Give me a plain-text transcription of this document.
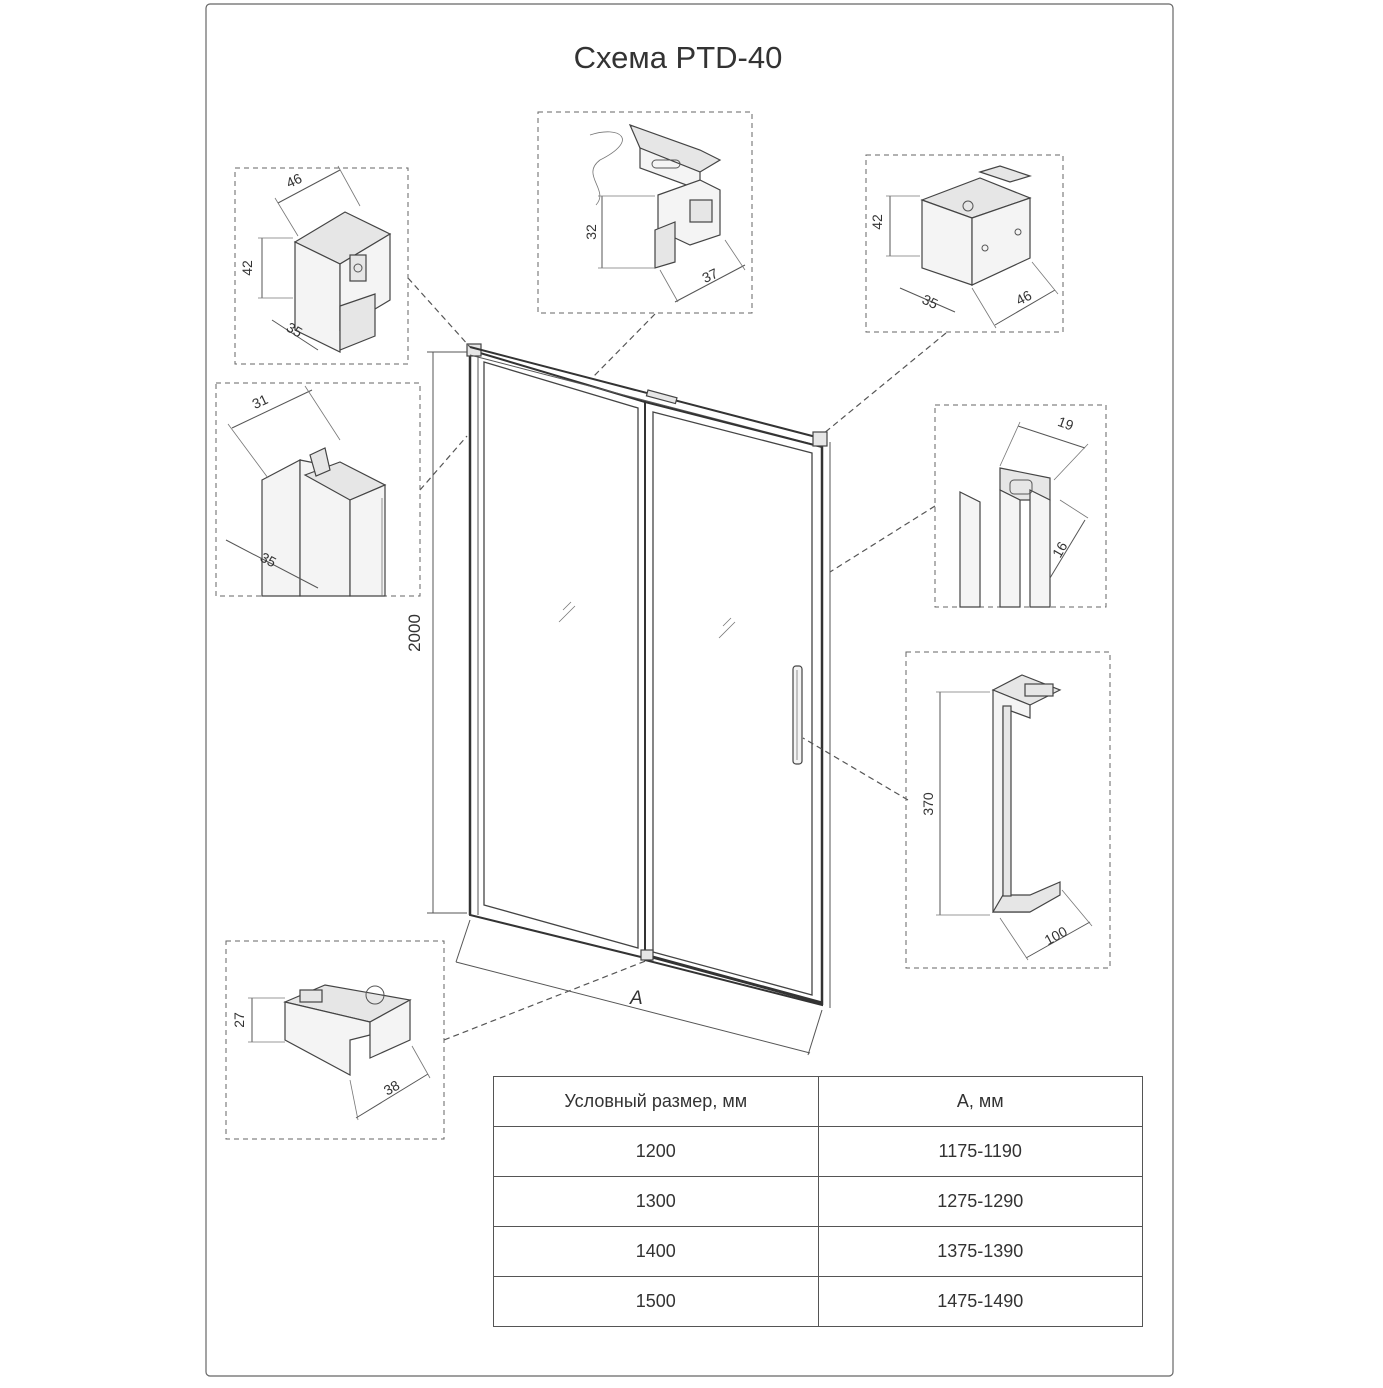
Схема PTD-40
2000
A
46
42
35
32
37
42
35	46
31
35
19
16
370
100
27
38
Условный размер, мм	А, мм
1200	1175-1190
1300	1275-1290
1400	1375-1390
1500	1475-1490
